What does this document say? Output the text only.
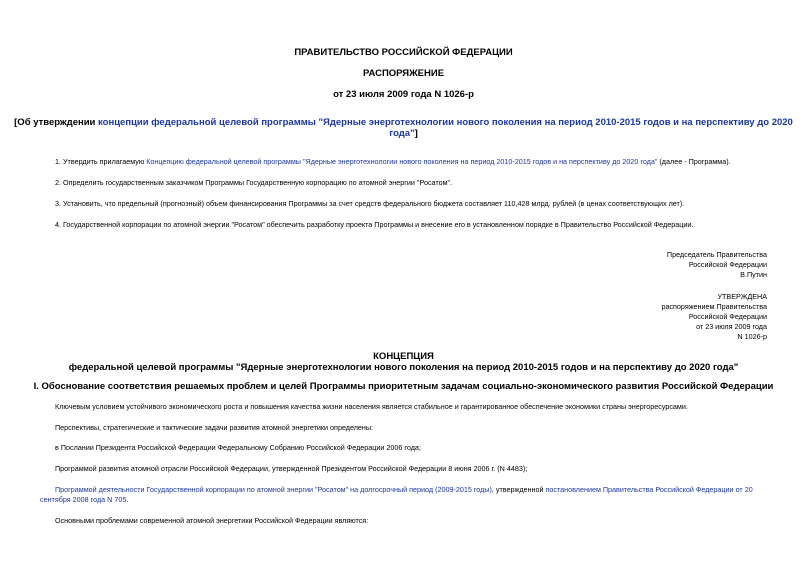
ПРАВИТЕЛЬСТВО РОССИЙСКОЙ ФЕДЕРАЦИИ
РАСПОРЯЖЕНИЕ
от 23 июля 2009 года N 1026-р
[Об утверждении концепции федеральной целевой программы "Ядерные энерготехнологии нового поколения на период 2010-2015 годов и на перспективу до 2020
года"]
1. Утвердить прилагаемую Концепцию федеральной целевой программы "Ядерные энерготехнологии нового поколения на период 2010-2015 годов и на перспективу до 2020 года" (далее - Программа).
2. Определить государственным заказчиком Программы Государственную корпорацию по атомной энергии "Росатом".
3. Установить, что предельный (прогнозный) объем финансирования Программы за счет средств федерального бюджета составляет 110,428 млрд. рублей (в ценах соответствующих лет).
4. Государственной корпорации по атомной энергии "Росатом" обеспечить разработку проекта Программы и внесение его в установленном порядке в Правительство Российской Федерации.
Председатель Правительства
Российской Федерации
В.Путин
УТВЕРЖДЕНА
распоряжением Правительства
Российской Федерации
от 23 июля 2009 года
N 1026-р
КОНЦЕПЦИЯ
федеральной целевой программы "Ядерные энерготехнологии нового поколения на период 2010-2015 годов и на перспективу до 2020 года"
I. Обоснование соответствия решаемых проблем и целей Программы приоритетным задачам социально-экономического развития Российской Федерации
Ключевым условием устойчивого экономического роста и повышения качества жизни населения является стабильное и гарантированное обеспечение экономики страны энергоресурсами.
Перспективы, стратегические и тактические задачи развития атомной энергетики определены:
в Послании Президента Российской Федерации Федеральному Собранию Российской Федерации 2006 года;
Программой развития атомной отрасли Российской Федерации, утвержденной Президентом Российской Федерации 8 июня 2006 г. (N 4483);
Программой деятельности Государственной корпорации по атомной энергии "Росатом" на долгосрочный период (2009-2015 годы), утвержденной постановлением Правительства Российской Федерации от 20
сентября 2008 года N 705.
Основными проблемами современной атомной энергетики Российской Федерации являются:
